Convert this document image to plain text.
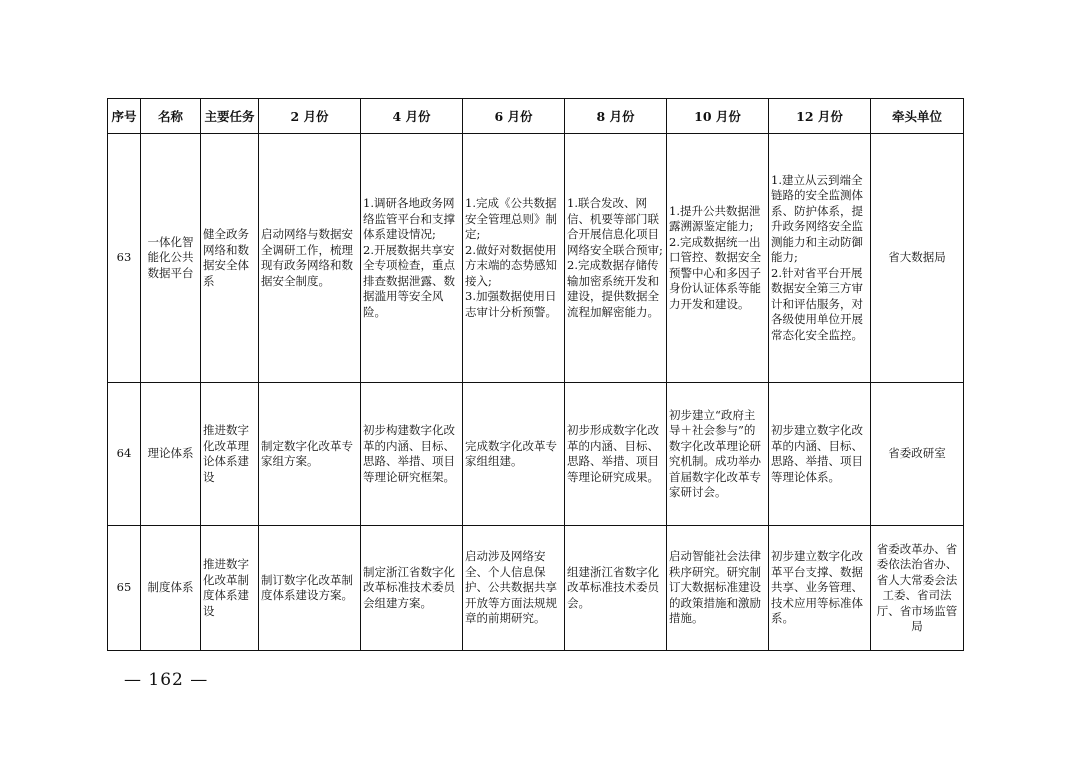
序号	名称	主要任务	2 月份	4 月份	6 月份	8 月份	10 月份	12 月份	牵头单位
63	一体化智能化公共数据平台	健全政务网络和数据安全体系	启动网络与数据安全调研工作，梳理现有政务网络和数据安全制度。	1.调研各地政务网络监管平台和支撑体系建设情况;
2.开展数据共享安全专项检查，重点排查数据泄露、数据滥用等安全风险。	1.完成《公共数据安全管理总则》制定;
2.做好对数据使用方末端的态势感知接入;
3.加强数据使用日志审计分析预警。	1.联合发改、网信、机要等部门联合开展信息化项目网络安全联合预审;
2.完成数据存储传输加密系统开发和建设，提供数据全流程加解密能力。	1.提升公共数据泄露溯源鉴定能力;
2.完成数据统一出口管控、数据安全预警中心和多因子身份认证体系等能力开发和建设。	1.建立从云到端全链路的安全监测体系、防护体系，提升政务网络安全监测能力和主动防御能力;
2.针对省平台开展数据安全第三方审计和评估服务，对各级使用单位开展常态化安全监控。	省大数据局
64	理论体系	推进数字化改革理论体系建设	制定数字化改革专家组方案。	初步构建数字化改革的内涵、目标、思路、举措、项目等理论研究框架。	完成数字化改革专家组组建。	初步形成数字化改革的内涵、目标、思路、举措、项目等理论研究成果。	初步建立“政府主导＋社会参与”的数字化改革理论研究机制。成功举办首届数字化改革专家研讨会。	初步建立数字化改革的内涵、目标、思路、举措、项目等理论体系。	省委政研室
65	制度体系	推进数字化改革制度体系建设	制订数字化改革制度体系建设方案。	制定浙江省数字化改革标准技术委员会组建方案。	启动涉及网络安全、个人信息保护、公共数据共享开放等方面法规规章的前期研究。	组建浙江省数字化改革标准技术委员会。	启动智能社会法律秩序研究。研究制订大数据标准建设的政策措施和激励措施。	初步建立数字化改革平台支撑、数据共享、业务管理、技术应用等标准体系。	省委改革办、省委依法治省办、省人大常委会法工委、省司法厅、省市场监管局
— 162 —
